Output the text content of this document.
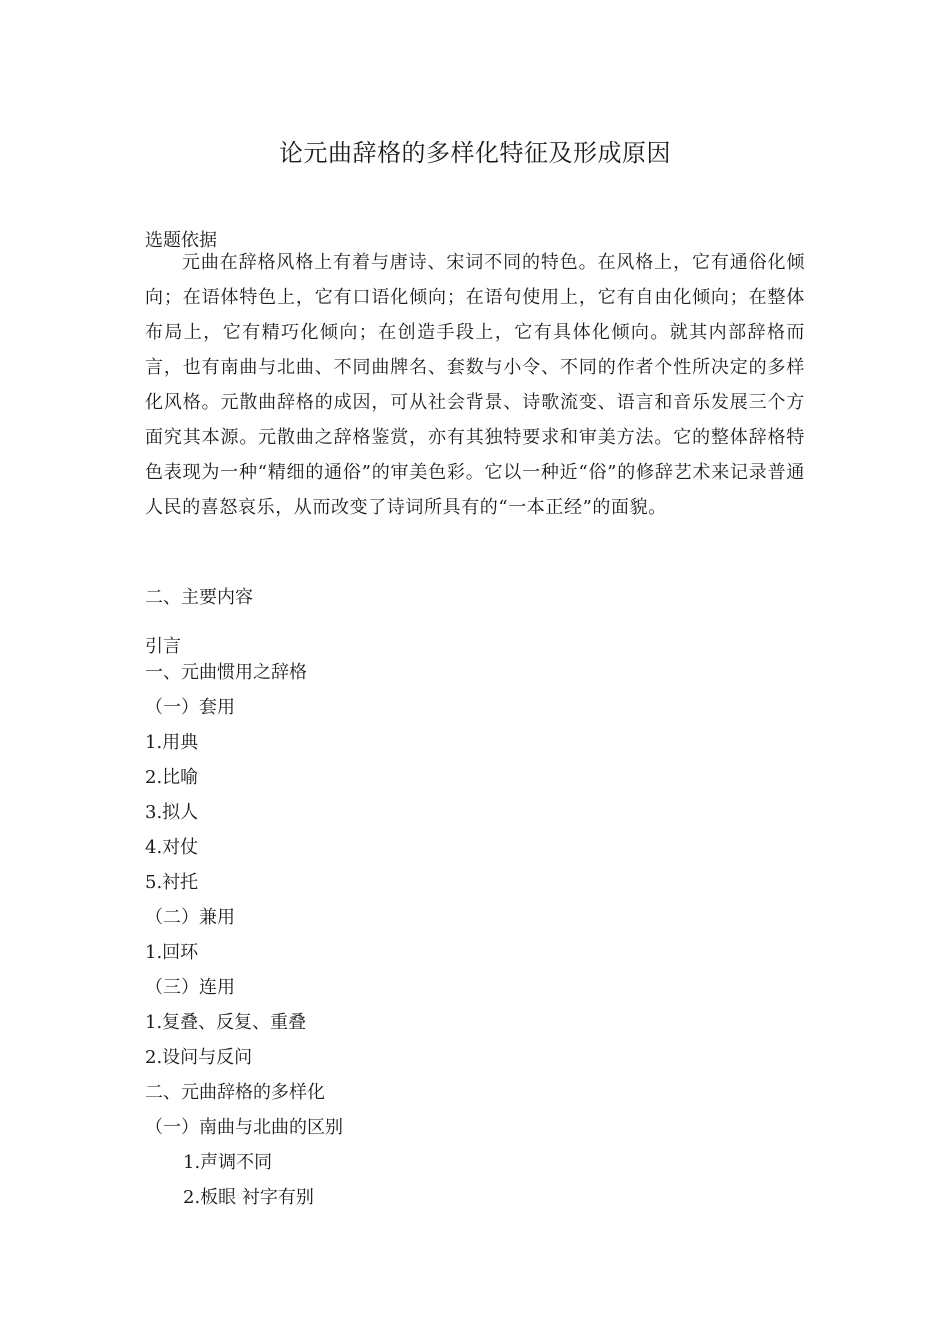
论元曲辞格的多样化特征及形成原因
选题依据
元曲在辞格风格上有着与唐诗、宋词不同的特色。在风格上，它有通俗化倾向；在语体特色上，它有口语化倾向；在语句使用上，它有自由化倾向；在整体布局上，它有精巧化倾向；在创造手段上，它有具体化倾向。就其内部辞格而言，也有南曲与北曲、不同曲牌名、套数与小令、不同的作者个性所决定的多样化风格。元散曲辞格的成因，可从社会背景、诗歌流变、语言和音乐发展三个方面究其本源。元散曲之辞格鉴赏，亦有其独特要求和审美方法。它的整体辞格特色表现为一种“精细的通俗”的审美色彩。它以一种近“俗”的修辞艺术来记录普通人民的喜怒哀乐，从而改变了诗词所具有的“一本正经”的面貌。
二、主要内容
引言
一、元曲惯用之辞格
（一）套用
1.用典
2.比喻
3.拟人
4.对仗
5.衬托
（二）兼用
1.回环
（三）连用
1.复叠、反复、重叠
2.设问与反问
二、元曲辞格的多样化
（一）南曲与北曲的区别
1.声调不同
2.板眼 衬字有别
